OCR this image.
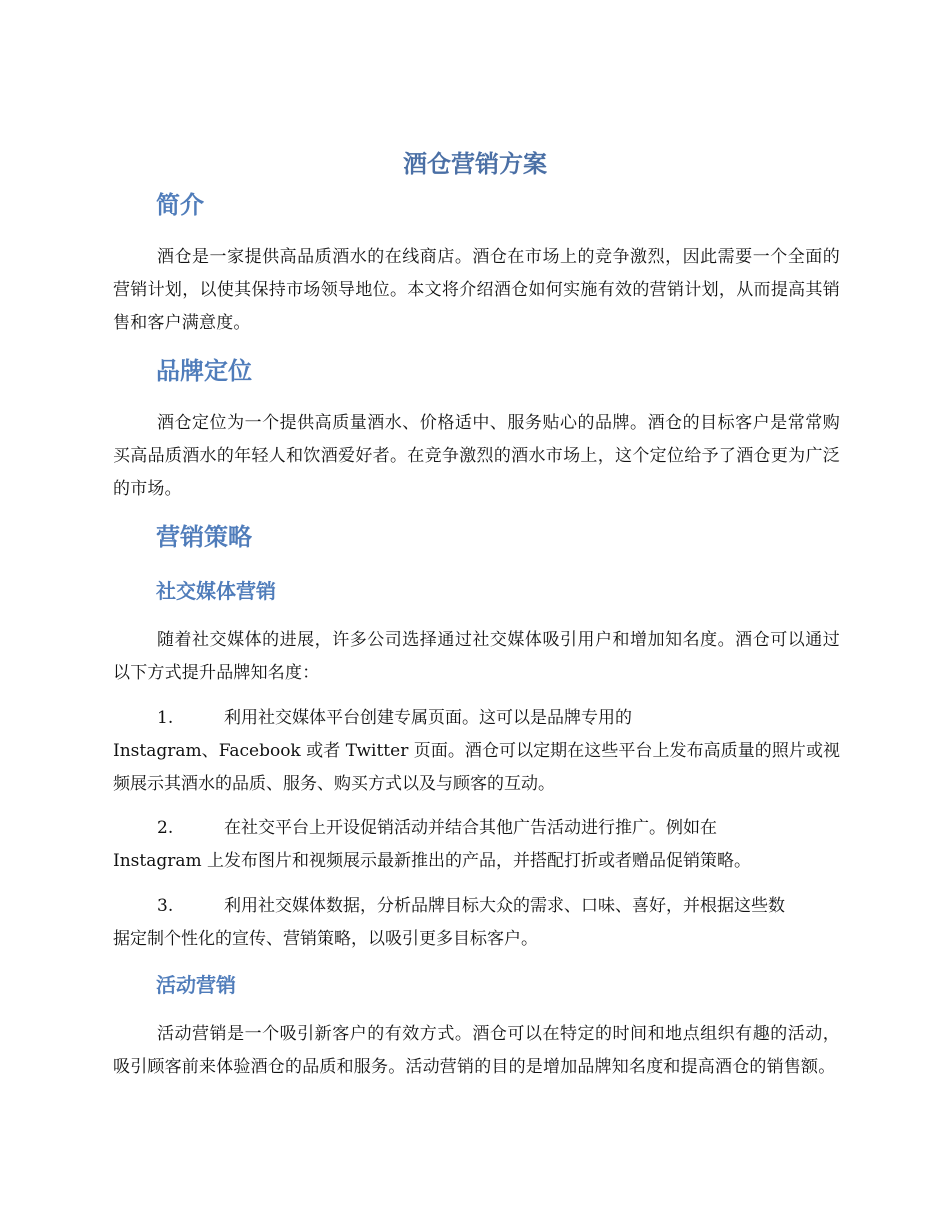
酒仓营销方案
简介

酒仓是一家提供高品质酒水的在线商店。酒仓在市场上的竞争激烈，因此需要一个全面的营销计划，以使其保持市场领导地位。本文将介绍酒仓如何实施有效的营销计划，从而提高其销售和客户满意度。

品牌定位

酒仓定位为一个提供高质量酒水、价格适中、服务贴心的品牌。酒仓的目标客户是常常购买高品质酒水的年轻人和饮酒爱好者。在竞争激烈的酒水市场上，这个定位给予了酒仓更为广泛的市场。

营销策略
社交媒体营销

随着社交媒体的进展，许多公司选择通过社交媒体吸引用户和增加知名度。酒仓可以通过以下方式提升品牌知名度：

1.	利用社交媒体平台创建专属页面。这可以是品牌专用的
Instagram、Facebook 或者 Twitter 页面。酒仓可以定期在这些平台上发布高质量的照片或视频展示其酒水的品质、服务、购买方式以及与顾客的互动。
2.	在社交平台上开设促销活动并结合其他广告活动进行推广。例如在
Instagram 上发布图片和视频展示最新推出的产品，并搭配打折或者赠品促销策略。
3.	利用社交媒体数据，分析品牌目标大众的需求、口味、喜好，并根据这些数
据定制个性化的宣传、营销策略，以吸引更多目标客户。
活动营销

活动营销是一个吸引新客户的有效方式。酒仓可以在特定的时间和地点组织有趣的活动，吸引顾客前来体验酒仓的品质和服务。活动营销的目的是增加品牌知名度和提高酒仓的销售额。
